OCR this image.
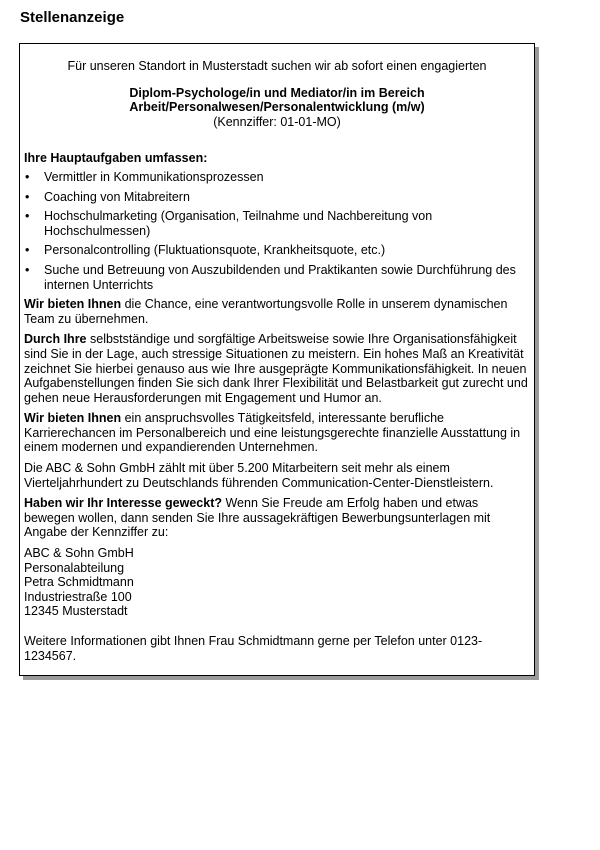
Stellenanzeige

Für unseren Standort in Musterstadt suchen wir ab sofort einen engagierten

Diplom-Psychologe/in und Mediator/in im Bereich
Arbeit/Personalwesen/Personalentwicklung (m/w)
(Kennziffer: 01-01-MO)
Ihre Hauptaufgaben umfassen:
• Vermittler in Kommunikationsprozessen
• Coaching von Mitabreitern
• Hochschulmarketing (Organisation, Teilnahme und Nachbereitung von Hochschulmessen)
• Personalcontrolling (Fluktuationsquote, Krankheitsquote, etc.)
• Suche und Betreuung von Auszubildenden und Praktikanten sowie Durchführung des internen Unterrichts

Wir bieten Ihnen die Chance, eine verantwortungsvolle Rolle in unserem dynamischen Team zu übernehmen.

Durch Ihre selbstständige und sorgfältige Arbeitsweise sowie Ihre Organisationsfähigkeit sind Sie in der Lage, auch stressige Situationen zu meistern. Ein hohes Maß an Kreativität zeichnet Sie hierbei genauso aus wie Ihre ausgeprägte Kommunikationsfähigkeit. In neuen Aufgabenstellungen finden Sie sich dank Ihrer Flexibilität und Belastbarkeit gut zurecht und gehen neue Herausforderungen mit Engagement und Humor an.

Wir bieten Ihnen ein anspruchsvolles Tätigkeitsfeld, interessante berufliche Karrierechancen im Personalbereich und eine leistungsgerechte finanzielle Ausstattung in einem modernen und expandierenden Unternehmen.

Die ABC & Sohn GmbH zählt mit über 5.200 Mitarbeitern seit mehr als einem Vierteljahrhundert zu Deutschlands führenden Communication-Center-Dienstleistern.

Haben wir Ihr Interesse geweckt? Wenn Sie Freude am Erfolg haben und etwas bewegen wollen, dann senden Sie Ihre aussagekräftigen Bewerbungsunterlagen mit Angabe der Kennziffer zu:

ABC & Sohn GmbH
Personalabteilung
Petra Schmidtmann
Industriestraße 100
12345 Musterstadt

Weitere Informationen gibt Ihnen Frau Schmidtmann gerne per Telefon unter 0123-1234567.
